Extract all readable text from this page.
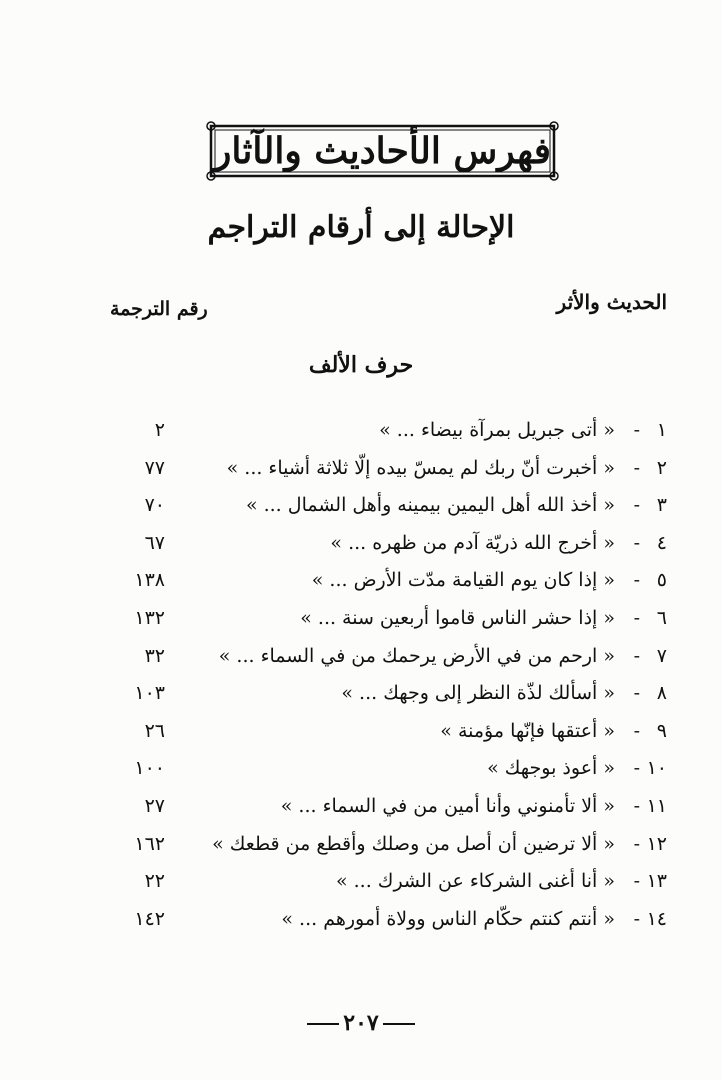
فهرس الأحاديث والآثار
الإحالة إلى أرقام التراجم
الحديث والأثر
رقم الترجمة
حرف الألف
١
-
« أتى جبريل بمرآة بيضاء ... »
٢
٢
-
« أخبرت أنّ ربك لم يمسّ بيده إلّا ثلاثة أشياء ... »
٧٧
٣
-
« أخذ الله أهل اليمين بيمينه وأهل الشمال ... »
٧٠
٤
-
« أخرج الله ذريّة آدم من ظهره ... »
٦٧
٥
-
« إذا كان يوم القيامة مدّت الأرض ... »
١٣٨
٦
-
« إذا حشر الناس قاموا أربعين سنة ... »
١٣٢
٧
-
« ارحم من في الأرض يرحمك من في السماء ... »
٣٢
٨
-
« أسألك لذّة النظر إلى وجهك ... »
١٠٣
٩
-
« أعتقها فإنّها مؤمنة »
٢٦
١٠
-
« أعوذ بوجهك »
١٠٠
١١
-
« ألا تأمنوني وأنا أمين من في السماء ... »
٢٧
١٢
-
« ألا ترضين أن أصل من وصلك وأقطع من قطعك »
١٦٢
١٣
-
« أنا أغنى الشركاء عن الشرك ... »
٢٢
١٤
-
« أنتم كنتم حكّام الناس وولاة أمورهم ... »
١٤٢
٢٠٧
